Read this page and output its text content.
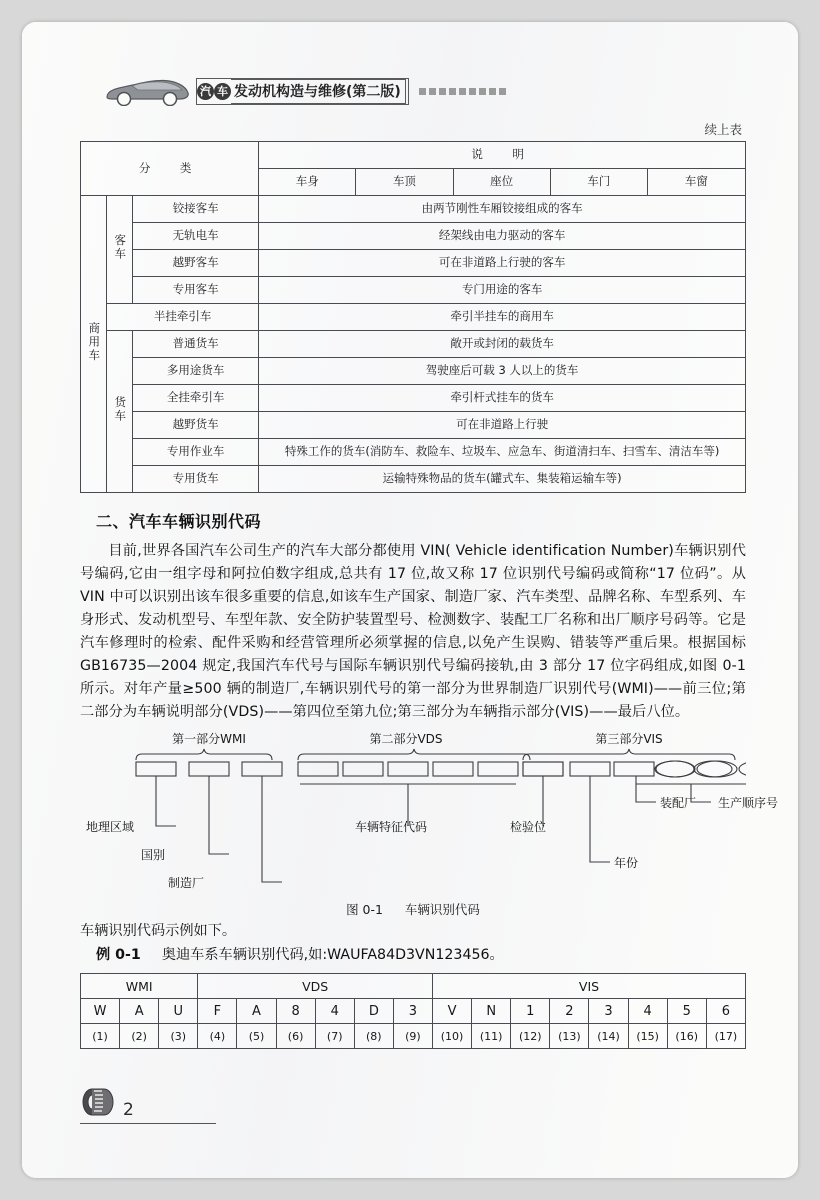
汽 车 发动机构造与维修(第二版)
续上表
分　类			说　明				
			车身	车顶	座位	车门	车窗
商用车	客车	铰接客车	由两节刚性车厢铰接组成的客车				
		无轨电车	经架线由电力驱动的客车				
		越野客车	可在非道路上行驶的客车				
		专用客车	专门用途的客车				
	半挂牵引车		牵引半挂车的商用车				
	货车	普通货车	敞开或封闭的载货车				
		多用途货车	驾驶座后可载 3 人以上的货车				
		全挂牵引车	牵引杆式挂车的货车				
		越野货车	可在非道路上行驶				
		专用作业车	特殊工作的货车(消防车、救险车、垃圾车、应急车、街道清扫车、扫雪车、清洁车等)				
		专用货车	运输特殊物品的货车(罐式车、集装箱运输车等)				
二、汽车车辆识别代码

目前,世界各国汽车公司生产的汽车大部分都使用 VIN( Vehicle identification Number)车辆识别代号编码,它由一组字母和阿拉伯数字组成,总共有 17 位,故又称 17 位识别代号编码或简称“17 位码”。从 VIN 中可以识别出该车很多重要的信息,如该车生产国家、制造厂家、汽车类型、品牌名称、车型系列、车身形式、发动机型号、车型年款、安全防护装置型号、检测数字、装配工厂名称和出厂顺序号码等。它是汽车修理时的检索、配件采购和经营管理所必须掌握的信息,以免产生误购、错装等严重后果。根据国标 GB16735—2004 规定,我国汽车代号与国际车辆识别代号编码接轨,由 3 部分 17 位字码组成,如图 0-1 所示。对年产量≥500 辆的制造厂,车辆识别代号的第一部分为世界制造厂识别代号(WMI)——前三位;第二部分为车辆说明部分(VDS)——第四位至第九位;第三部分为车辆指示部分(VIS)——最后八位。

第一部分WMI	第二部分VDS	第三部分VIS
地理区域
国别
制造厂
车辆特征代码	检验位
年份
装配厂 生产顺序号
图 0-1 车辆识别代码

车辆识别代码示例如下。

例 0-1 奥迪车系车辆识别代码,如:WAUFA84D3VN123456。

WMI			VDS						VIS							
W	A	U	F	A	8	4	D	3	V	N	1	2	3	4	5	6
(1)	(2)	(3)	(4)	(5)	(6)	(7)	(8)	(9)	(10)	(11)	(12)	(13)	(14)	(15)	(16)	(17)
2
